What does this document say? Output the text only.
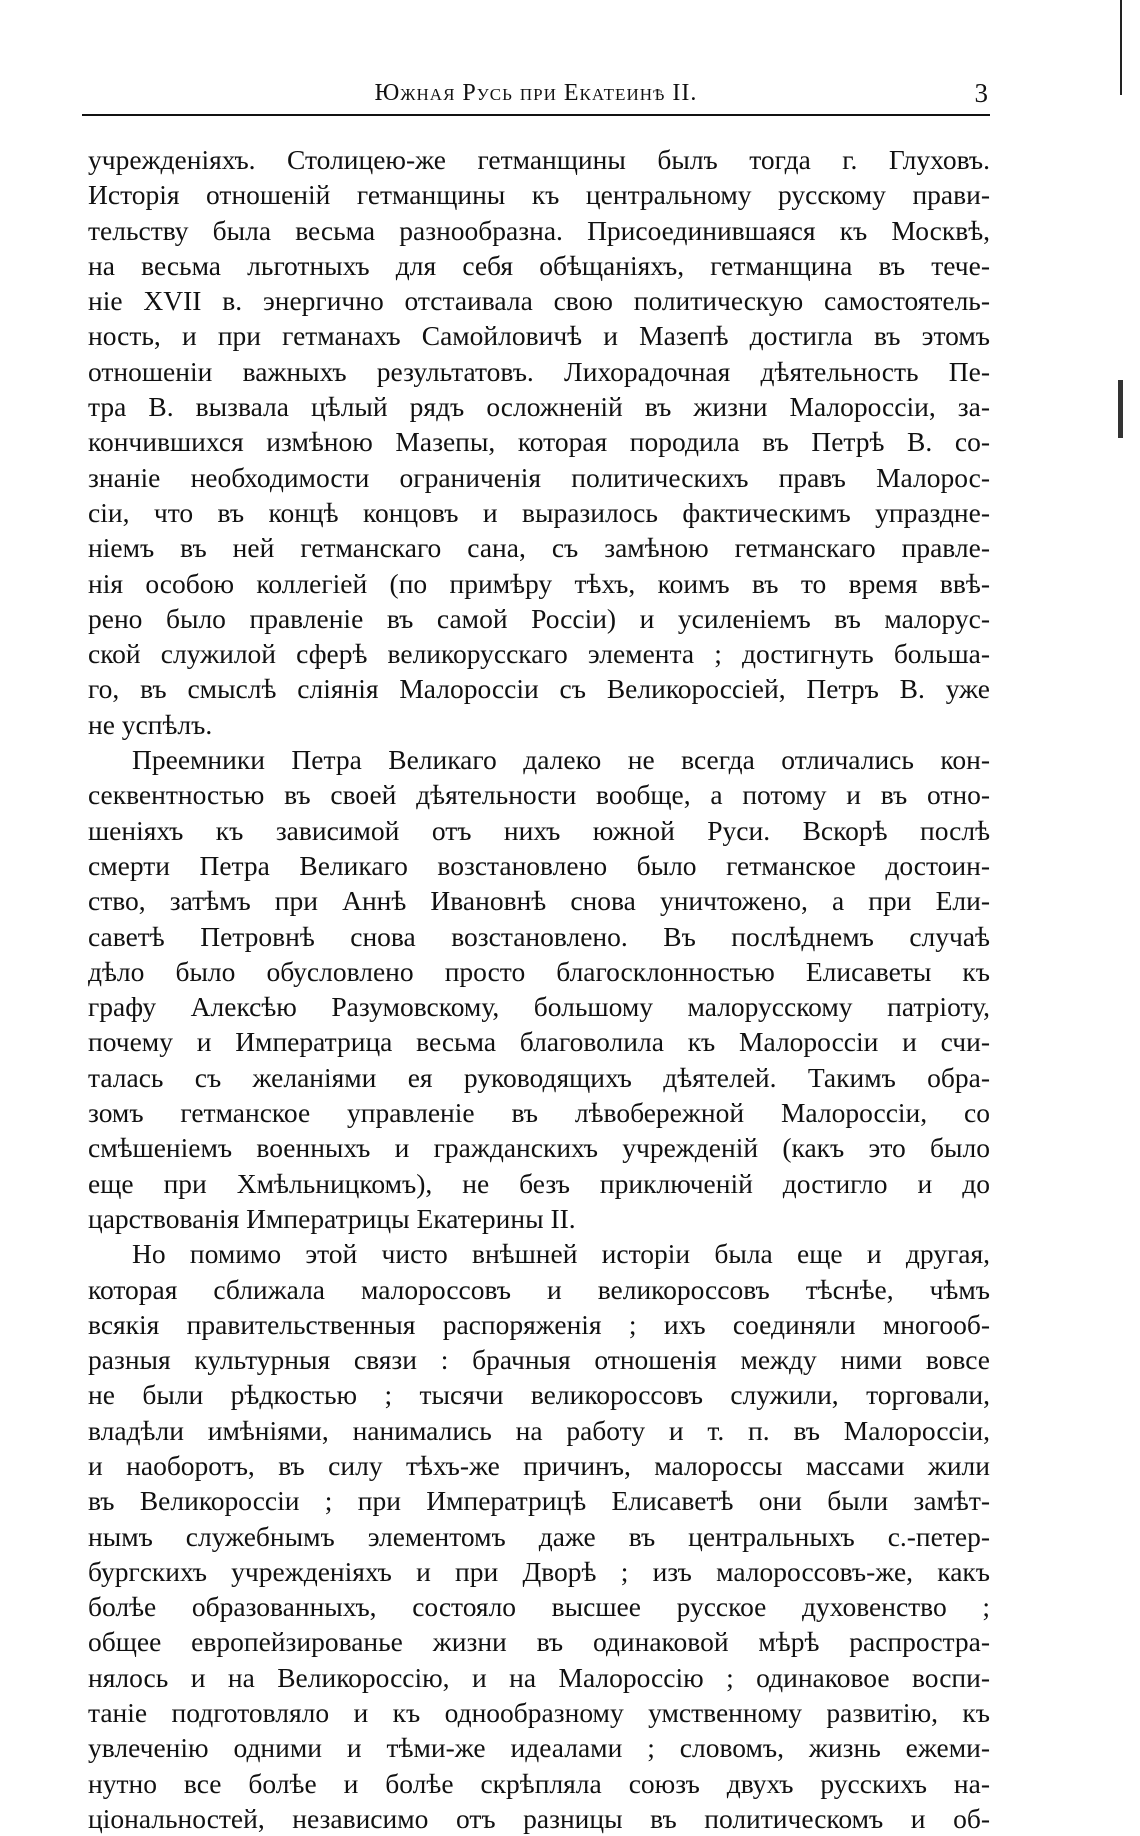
Южная Русь при Екатеинѣ II.	3
учрежденiяхъ. Столицею-же гетманщины былъ тогда г. Глуховъ.
Исторiя отношенiй гетманщины къ центральному русскому прави-
тельству была весьма разнообразна. Присоединившаяся къ Москвѣ,
на весьма льготныхъ для себя обѣщанiяхъ, гетманщина въ тече-
нiе XVII в. энергично отстаивала свою политическую самостоятель-
ность, и при гетманахъ Самойловичѣ и Мазепѣ достигла въ этомъ
отношенiи важныхъ результатовъ. Лихорадочная дѣятельность Пе-
тра В. вызвала цѣлый рядъ осложненiй въ жизни Малороссiи, за-
кончившихся измѣною Мазепы, которая породила въ Петрѣ В. со-
знанiе необходимости ограниченiя политическихъ правъ Малорос-
сiи, что въ концѣ концовъ и выразилось фактическимъ упраздне-
нiемъ въ ней гетманскаго сана, съ замѣною гетманскаго правле-
нiя особою коллегiей (по примѣру тѣхъ, коимъ въ то время ввѣ-
рено было правленiе въ самой Россiи) и усиленiемъ въ малорус-
ской служилой сферѣ великорусскаго элемента ; достигнуть большa-
го, въ смыслѣ слiянiя Малороссiи съ Великороссiей, Петръ В. уже
не успѣлъ.
Преемники Петра Великаго далеко не всегда отличались кон-
секвентностью въ своей дѣятельности вообще, а потому и въ отно-
шенiяхъ къ зависимой отъ нихъ южной Руси. Вскорѣ послѣ
смерти Петра Великаго возстановлено было гетманское достоин-
ство, затѣмъ при Аннѣ Ивановнѣ снова уничтожено, а при Ели-
саветѣ Петровнѣ снова возстановлено. Въ послѣднемъ случаѣ
дѣло было обусловлено просто благосклонностью Елисаветы къ
графу Алексѣю Разумовскому, большому малорусскому патрiоту,
почему и Императрица весьма благоволила къ Малороссiи и счи-
талась съ желанiями ея руководящихъ дѣятелей. Такимъ обра-
зомъ гетманское управленiе въ лѣвобережной Малороссiи, со
смѣшенiемъ военныхъ и гражданскихъ учрежденiй (какъ это было
еще при Хмѣльницкомъ), не безъ приключенiй достигло и до
царствованiя Императрицы Екатерины II.
Но помимо этой чисто внѣшней исторiи была еще и другая,
которая сближала малороссовъ и великороссовъ тѣснѣе, чѣмъ
всякiя правительственныя распоряженiя ; ихъ соединяли многооб-
разныя культурныя связи : брачныя отношенiя между ними вовсе
не были рѣдкостью ; тысячи великороссовъ служили, торговали,
владѣли имѣнiями, нанимались на работу и т. п. въ Малороссiи,
и наоборотъ, въ силу тѣхъ-же причинъ, малороссы массами жили
въ Великороссiи ; при Императрицѣ Елисаветѣ они были замѣт-
нымъ служебнымъ элементомъ даже въ центральныхъ с.-петер-
бургскихъ учрежденiяхъ и при Дворѣ ; изъ малороссовъ-же, какъ
болѣе образованныхъ, состояло высшее русское духовенство ;
общее европейзированье жизни въ одинаковой мѣрѣ распростра-
нялось и на Великороссiю, и на Малороссiю ; одинаковое воспи-
танiе подготовляло и къ однообразному умственному развитiю, къ
увлеченiю одними и тѣми-же идеалами ; словомъ, жизнь ежеми-
нутно все болѣе и болѣе скрѣпляла союзъ двухъ русскихъ на-
цiональностей, независимо отъ разницы въ политическомъ и об-
